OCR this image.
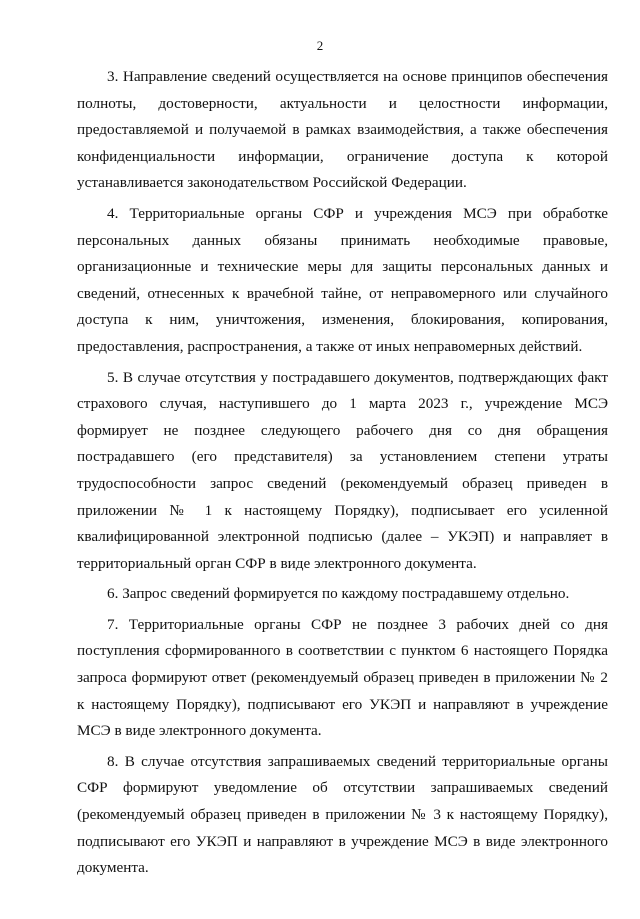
2

3. Направление сведений осуществляется на основе принципов обеспечения полноты, достоверности, актуальности и целостности информации, предоставляемой и получаемой в рамках взаимодействия, а также обеспечения конфиденциальности информации, ограничение доступа к которой устанавливается законодательством Российской Федерации.

4. Территориальные органы СФР и учреждения МСЭ при обработке персональных данных обязаны принимать необходимые правовые, организационные и технические меры для защиты персональных данных и сведений, отнесенных к врачебной тайне, от неправомерного или случайного доступа к ним, уничтожения, изменения, блокирования, копирования, предоставления, распространения, а также от иных неправомерных действий.

5. В случае отсутствия у пострадавшего документов, подтверждающих факт страхового случая, наступившего до 1 марта 2023 г., учреждение МСЭ формирует не позднее следующего рабочего дня со дня обращения пострадавшего (его представителя) за установлением степени утраты трудоспособности запрос сведений (рекомендуемый образец приведен в приложении № 1 к настоящему Порядку), подписывает его усиленной квалифицированной электронной подписью (далее – УКЭП) и направляет в территориальный орган СФР в виде электронного документа.

6. Запрос сведений формируется по каждому пострадавшему отдельно.

7. Территориальные органы СФР не позднее 3 рабочих дней со дня поступления сформированного в соответствии с пунктом 6 настоящего Порядка запроса формируют ответ (рекомендуемый образец приведен в приложении № 2 к настоящему Порядку), подписывают его УКЭП и направляют в учреждение МСЭ в виде электронного документа.

8. В случае отсутствия запрашиваемых сведений территориальные органы СФР формируют уведомление об отсутствии запрашиваемых сведений (рекомендуемый образец приведен в приложении № 3 к настоящему Порядку), подписывают его УКЭП и направляют в учреждение МСЭ в виде электронного документа.
